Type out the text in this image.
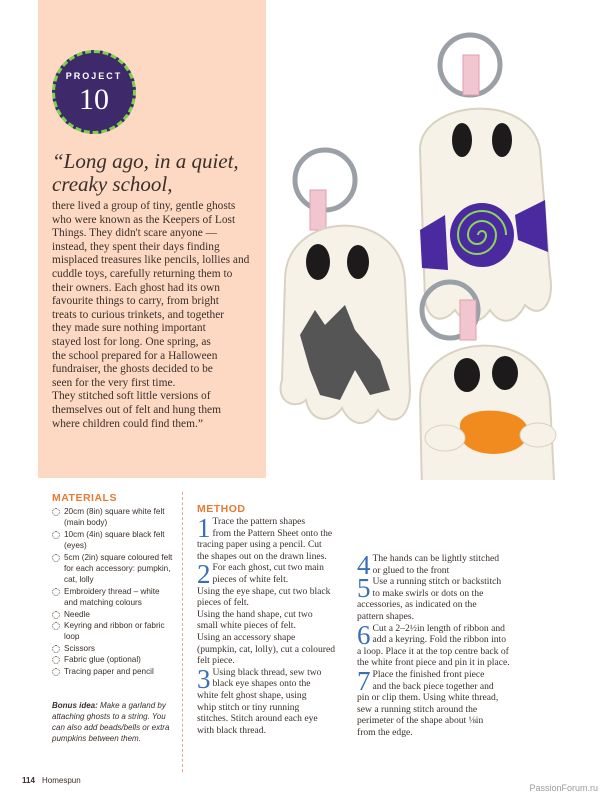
PROJECT
10

“Long ago, in a quiet, creaky school,

there lived a group of tiny, gentle ghosts
who were known as the Keepers of Lost
Things. They didn't scare anyone —
instead, they spent their days finding
misplaced treasures like pencils, lollies and
cuddle toys, carefully returning them to
their owners. Each ghost had its own
favourite things to carry, from bright
treats to curious trinkets, and together
they made sure nothing important
stayed lost for long. One spring, as
the school prepared for a Halloween
fundraiser, the ghosts decided to be
seen for the very first time.
They stitched soft little versions of
themselves out of felt and hung them
where children could find them.”

MATERIALS
20cm (8in) square white felt (main body)
10cm (4in) square black felt (eyes)
5cm (2in) square coloured felt for each accessory: pumpkin, cat, lolly
Embroidery thread – white and matching colours
Needle
Keyring and ribbon or fabric loop
Scissors
Fabric glue (optional)
Tracing paper and pencil
Bonus idea: Make a garland by attaching ghosts to a string. You can also add beads/bells or extra pumpkins between them.
METHOD
1 Trace the pattern shapes
from the Pattern Sheet onto the
tracing paper using a pencil. Cut
the shapes out on the drawn lines.
2 For each ghost, cut two main
pieces of white felt.
Using the eye shape, cut two black
pieces of felt.
Using the hand shape, cut two
small white pieces of felt.
Using an accessory shape
(pumpkin, cat, lolly), cut a coloured
felt piece.
3 Using black thread, sew two
black eye shapes onto the
white felt ghost shape, using
whip stitch or tiny running
stitches. Stitch around each eye
with black thread.
4 The hands can be lightly stitched
or glued to the front
5 Use a running stitch or backstitch
to make swirls or dots on the
accessories, as indicated on the
pattern shapes.
6 Cut a 2–2½in length of ribbon and
add a keyring. Fold the ribbon into
a loop. Place it at the top centre back of
the white front piece and pin it in place.
7 Place the finished front piece
and the back piece together and
pin or clip them. Using white thread,
sew a running stitch around the
perimeter of the shape about ⅛in
from the edge.
114 Homespun
PassionForum.ru
